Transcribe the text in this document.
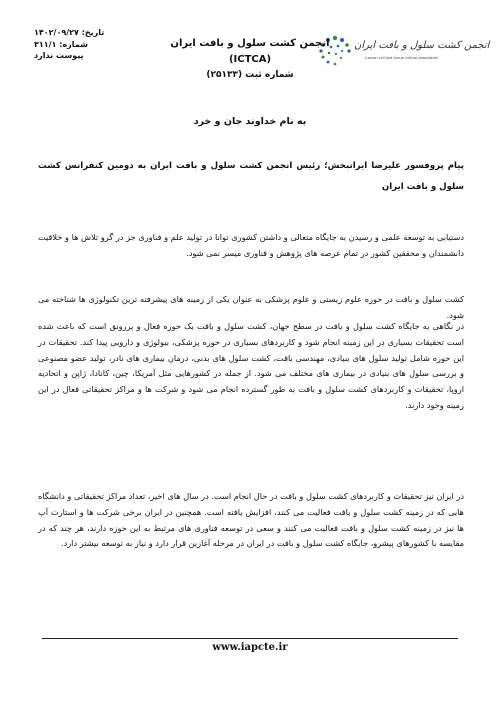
انجمن کشت سلول و بافت ایران
Iranian cell and tissue culture association
انجمن کشت سلول و بافت ایران
(ICTCA)
شماره ثبت (۲۵۱۳۳)
تاریخ: ۱۴۰۲/۰۹/۲۷
شماره: ۳۱۱/۱
پیوست ندارد
به نام خداوند جان و خرد
پیام پروفسور علیرضا ایرانبخش؛ رئیس انجمن کشت سلول و بافت ایران به دومین کنفرانس کشت سلول و بافت ایران
دستیابی به توسعه علمی و رسیدن به جایگاه متعالی و داشتن کشوری توانا در تولید علم و فناوری جز در گرو تلاش ها و خلاقیت دانشمندان و محققین کشور در تمام عرصه های پژوهش و فناوری میسر نمی شود.
کشت سلول و بافت در حوزه علوم زیستی و علوم پزشکی به عنوان یکی از زمینه های پیشرفته ترین تکنولوژی ها شناخته می شود.
در نگاهی به جایگاه کشت سلول و بافت در سطح جهان، کشت سلول و بافت یک حوزه فعال و پررونق است که باعث شده است تحقیقات بسیاری در این زمینه انجام شود و کاربردهای بسیاری در حوزه پزشکی، بیولوژی و دارویی پیدا کند. تحقیقات در این حوزه شامل تولید سلول های بنیادی، مهندسی بافت، کشت سلول های بدنی، درمان بیماری های نادر، تولید عضو مصنوعی و بررسی سلول های بنیادی در بیماری های مختلف می شود. از جمله در کشورهایی مثل آمریکا، چین، کانادا، ژاپن و اتحادیه اروپا، تحقیقات و کاربردهای کشت سلول و بافت به طور گسترده انجام می شود و شرکت ها و مراکز تحقیقاتی فعال در این زمینه وجود دارند.
در ایران نیز تحقیقات و کاربردهای کشت سلول و بافت در حال انجام است. در سال های اخیر، تعداد مراکز تحقیقاتی و دانشگاه هایی که در زمینه کشت سلول و بافت فعالیت می کنند، افزایش یافته است. همچنین در ایران برخی شرکت ها و استارت آپ ها نیز در زمینه کشت سلول و بافت فعالیت می کنند و سعی در توسعه فناوری های مرتبط به این حوزه دارند، هر چند که در مقایسه با کشورهای پیشرو، جایگاه کشت سلول و بافت در ایران در مرحله آغازین قرار دارد و نیاز به توسعه بیشتر دارد.
www.iapcte.ir
